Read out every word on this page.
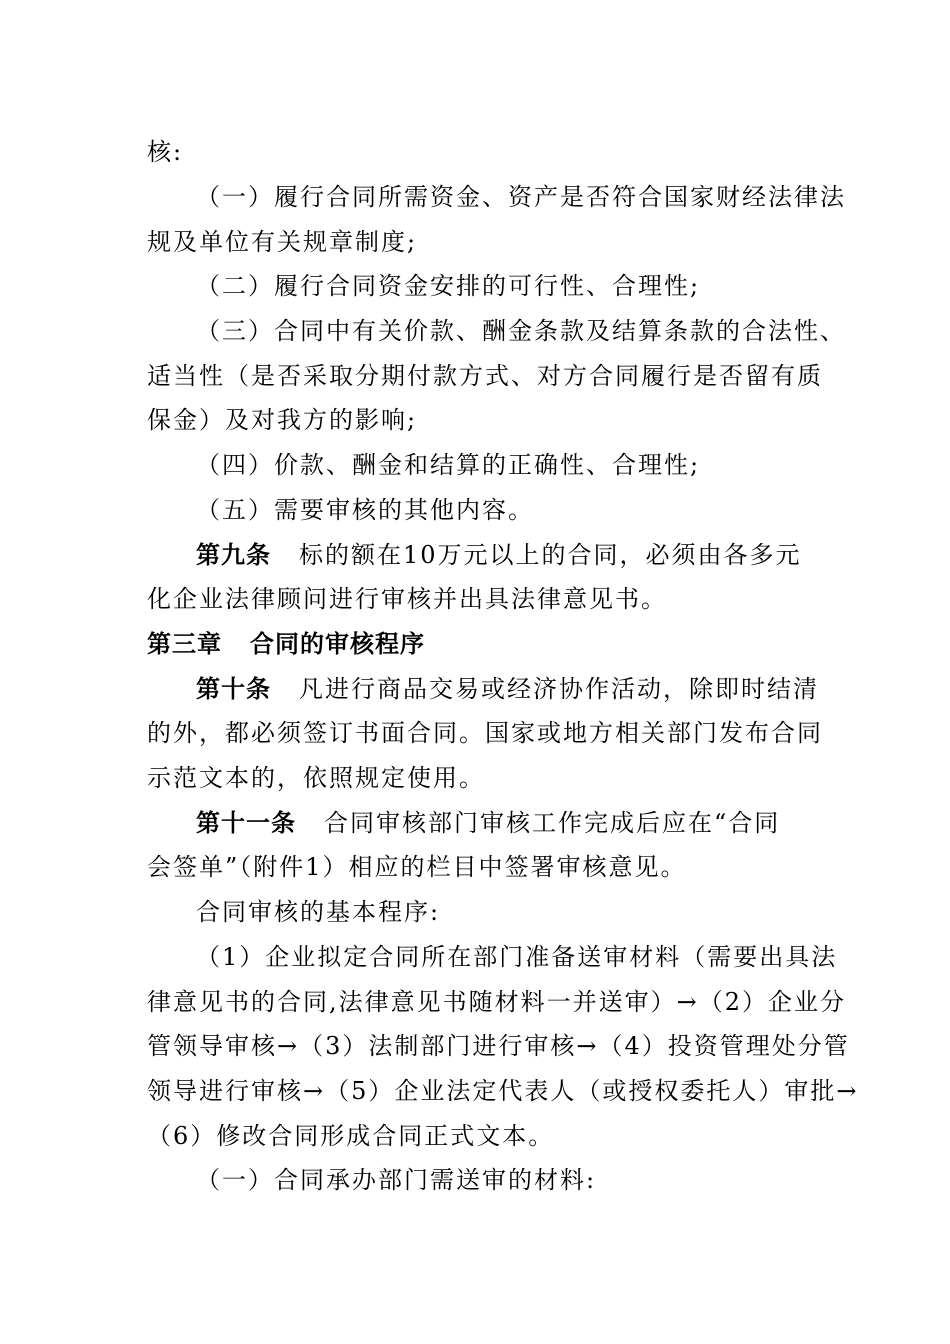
核:
（一）履行合同所需资金、资产是否符合国家财经法律法
规及单位有关规章制度;
（二）履行合同资金安排的可行性、合理性;
（三）合同中有关价款、酬金条款及结算条款的合法性、
适当性（是否采取分期付款方式、对方合同履行是否留有质
保金）及对我方的影响;
（四）价款、酬金和结算的正确性、合理性;
（五）需要审核的其他内容。
第九条 标的额在10万元以上的合同，必须由各多元
化企业法律顾问进行审核并出具法律意见书。
第三章 合同的审核程序
第十条 凡进行商品交易或经济协作活动，除即时结清
的外，都必须签订书面合同。国家或地方相关部门发布合同
示范文本的，依照规定使用。
第十一条 合同审核部门审核工作完成后应在“合同
会签单”（附件1）相应的栏目中签署审核意见。
合同审核的基本程序:
（1）企业拟定合同所在部门准备送审材料（需要出具法
律意见书的合同,法律意见书随材料一并送审）→（2）企业分
管领导审核→（3）法制部门进行审核→（4）投资管理处分管
领导进行审核→（5）企业法定代表人（或授权委托人）审批→
（6）修改合同形成合同正式文本。
（一）合同承办部门需送审的材料:
